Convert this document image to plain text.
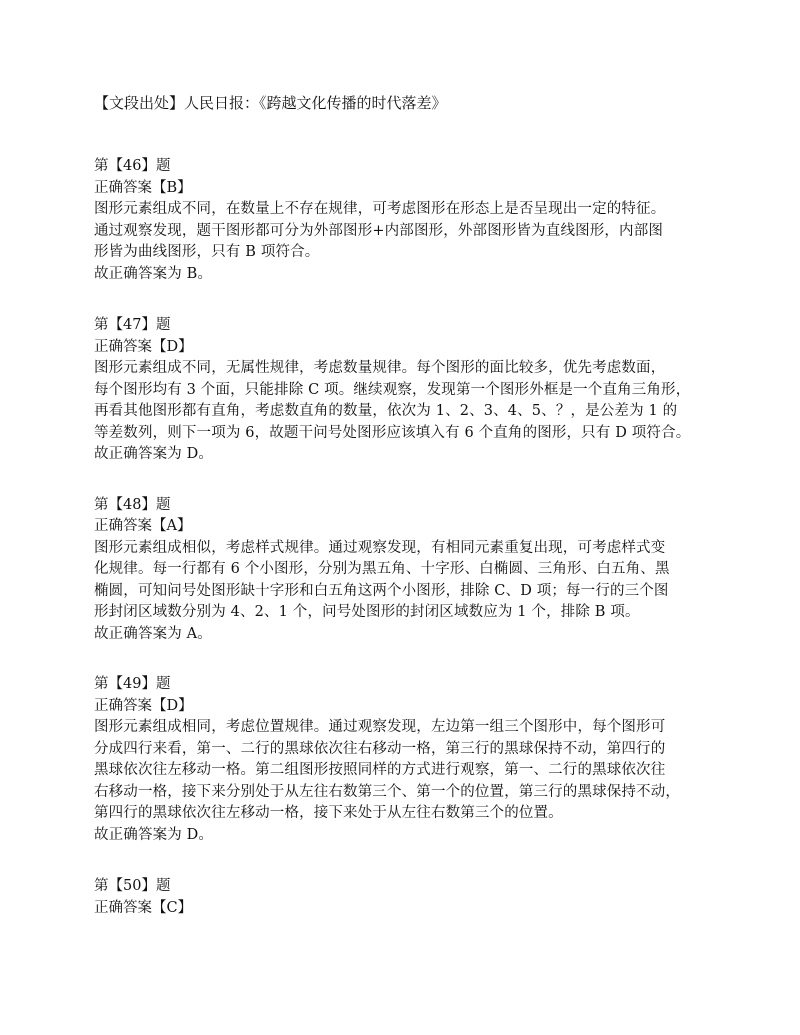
【文段出处】人民日报：《跨越文化传播的时代落差》

第【46】题

正确答案【B】

图形元素组成不同，在数量上不存在规律，可考虑图形在形态上是否呈现出一定的特征。

通过观察发现，题干图形都可分为外部图形+内部图形，外部图形皆为直线图形，内部图

形皆为曲线图形，只有 B 项符合。

故正确答案为 B。

第【47】题

正确答案【D】

图形元素组成不同，无属性规律，考虑数量规律。每个图形的面比较多，优先考虑数面，

每个图形均有 3 个面，只能排除 C 项。继续观察，发现第一个图形外框是一个直角三角形，

再看其他图形都有直角，考虑数直角的数量，依次为 1、2、3、4、5、？，是公差为 1 的

等差数列，则下一项为 6，故题干问号处图形应该填入有 6 个直角的图形，只有 D 项符合。

故正确答案为 D。

第【48】题

正确答案【A】

图形元素组成相似，考虑样式规律。通过观察发现，有相同元素重复出现，可考虑样式变

化规律。每一行都有 6 个小图形，分别为黑五角、十字形、白椭圆、三角形、白五角、黑

椭圆，可知问号处图形缺十字形和白五角这两个小图形，排除 C、D 项；每一行的三个图

形封闭区域数分别为 4、2、1 个，问号处图形的封闭区域数应为 1 个，排除 B 项。

故正确答案为 A。

第【49】题

正确答案【D】

图形元素组成相同，考虑位置规律。通过观察发现，左边第一组三个图形中，每个图形可

分成四行来看，第一、二行的黑球依次往右移动一格，第三行的黑球保持不动，第四行的

黑球依次往左移动一格。第二组图形按照同样的方式进行观察，第一、二行的黑球依次往

右移动一格，接下来分别处于从左往右数第三个、第一个的位置，第三行的黑球保持不动，

第四行的黑球依次往左移动一格，接下来处于从左往右数第三个的位置。

故正确答案为 D。

第【50】题

正确答案【C】
